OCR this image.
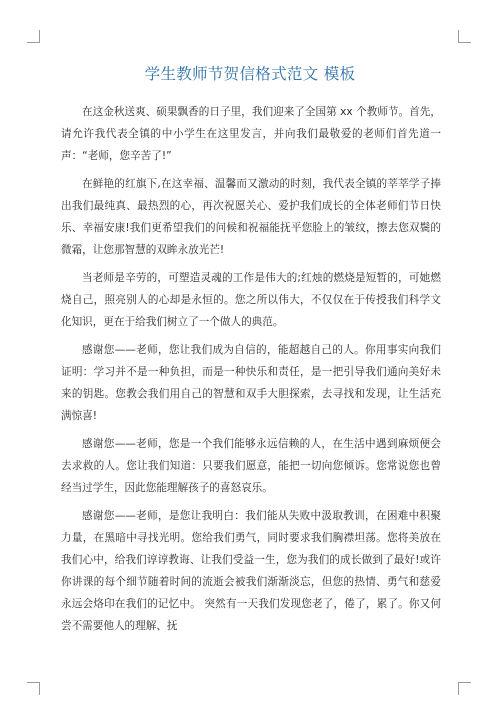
学生教师节贺信格式范文 模板

在这金秋送爽、硕果飘香的日子里，我们迎来了全国第 xx 个教师节。首先，请允许我代表全镇的中小学生在这里发言，并向我们最敬爱的老师们首先道一声：“老师，您辛苦了!”

在鲜艳的红旗下,在这幸福、温馨而又激动的时刻，我代表全镇的莘莘学子捧出我们最纯真、最热烈的心，再次祝愿关心、爱护我们成长的全体老师们节日快乐、幸福安康!我们更希望我们的问候和祝福能抚平您脸上的皱纹，擦去您双鬓的微霜，让您那智慧的双眸永放光芒!

当老师是辛劳的，可塑造灵魂的工作是伟大的;红烛的燃烧是短暂的，可她燃烧自己，照亮别人的心却是永恒的。您之所以伟大，不仅仅在于传授我们科学文化知识，更在于给我们树立了一个做人的典范。

感谢您——老师，您让我们成为自信的，能超越自己的人。你用事实向我们证明：学习并不是一种负担，而是一种快乐和责任，是一把引导我们通向美好未来的钥匙。您教会我们用自己的智慧和双手大胆探索，去寻找和发现，让生活充满惊喜!

感谢您——老师，您是一个我们能够永远信赖的人，在生活中遇到麻烦便会去求救的人。您让我们知道：只要我们愿意，能把一切向您倾诉。您常说您也曾经当过学生，因此您能理解孩子的喜怒哀乐。

感谢您——老师，是您让我明白：我们能从失败中汲取教训，在困难中积聚力量，在黑暗中寻找光明。您给我们勇气，同时要求我们胸襟坦荡。您将美放在我们心中，给我们谆谆教诲、让我们受益一生，您为我们的成长做到了最好!或许你讲课的每个细节随着时间的流逝会被我们渐渐淡忘，但您的热情、勇气和慈爱永远会烙印在我们的记忆中。 突然有一天我们发现您老了，倦了，累了。你又何尝不需要他人的理解、抚
